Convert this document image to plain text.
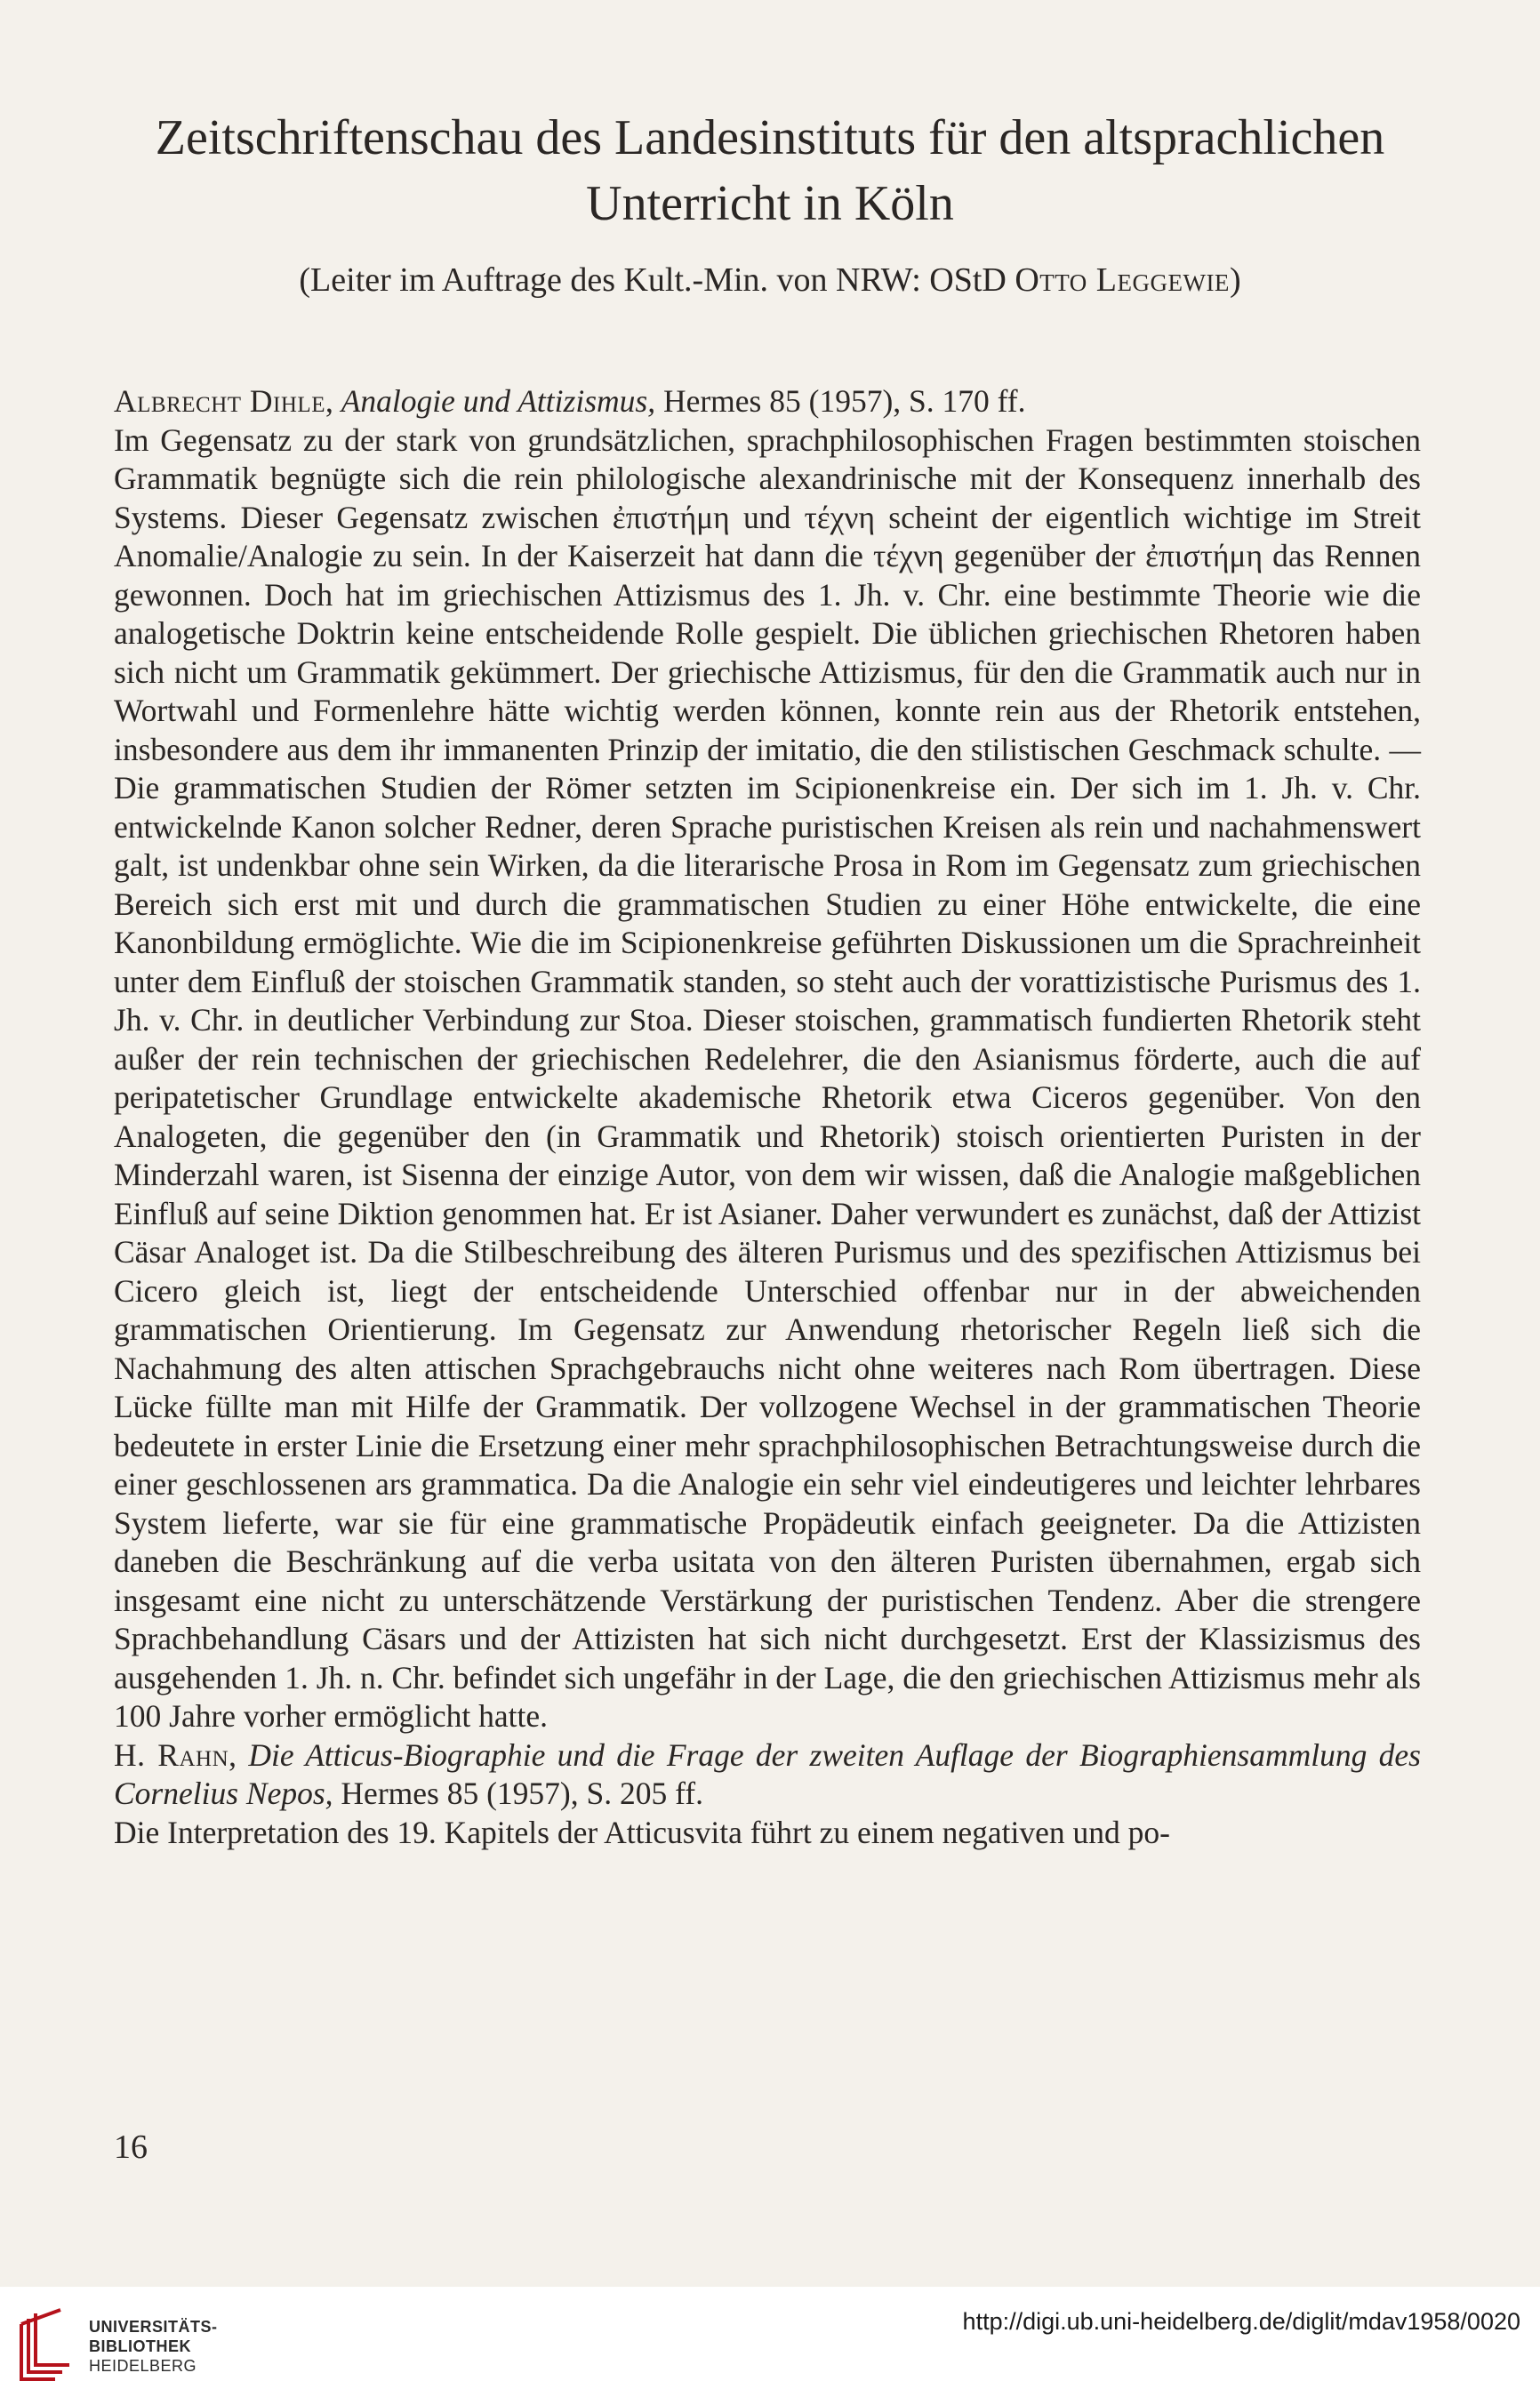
Zeitschriftenschau des Landesinstituts für den altsprachlichen
Unterricht in Köln
(Leiter im Auftrage des Kult.-Min. von NRW: OStD Otto Leggewie)

Albrecht Dihle, Analogie und Attizismus, Hermes 85 (1957), S. 170 ff.

Im Gegensatz zu der stark von grundsätzlichen, sprachphilosophischen Fragen bestimmten stoischen Grammatik begnügte sich die rein philologische alexandrinische mit der Konsequenz innerhalb des Systems. Dieser Gegensatz zwischen ἐπιστήμη und τέχνη scheint der eigentlich wichtige im Streit Anomalie/Analogie zu sein. In der Kaiserzeit hat dann die τέχνη gegenüber der ἐπιστήμη das Rennen gewonnen. Doch hat im griechischen Attizismus des 1. Jh. v. Chr. eine bestimmte Theorie wie die analogetische Doktrin keine entscheidende Rolle gespielt. Die üblichen griechischen Rhetoren haben sich nicht um Grammatik gekümmert. Der griechische Attizismus, für den die Grammatik auch nur in Wortwahl und Formenlehre hätte wichtig werden können, konnte rein aus der Rhetorik entstehen, insbesondere aus dem ihr immanenten Prinzip der imitatio, die den stilistischen Geschmack schulte. — Die grammatischen Studien der Römer setzten im Scipionenkreise ein. Der sich im 1. Jh. v. Chr. entwickelnde Kanon solcher Redner, deren Sprache puristischen Kreisen als rein und nachahmenswert galt, ist undenkbar ohne sein Wirken, da die literarische Prosa in Rom im Gegensatz zum griechischen Bereich sich erst mit und durch die grammatischen Studien zu einer Höhe entwickelte, die eine Kanonbildung ermöglichte. Wie die im Scipionenkreise geführten Diskussionen um die Sprachreinheit unter dem Einfluß der stoischen Grammatik standen, so steht auch der vorattizistische Purismus des 1. Jh. v. Chr. in deutlicher Verbindung zur Stoa. Dieser stoischen, grammatisch fundierten Rhetorik steht außer der rein technischen der griechischen Redelehrer, die den Asianismus förderte, auch die auf peripatetischer Grundlage entwickelte akademische Rhetorik etwa Ciceros gegenüber. Von den Analogeten, die gegenüber den (in Grammatik und Rhetorik) stoisch orientierten Puristen in der Minderzahl waren, ist Sisenna der einzige Autor, von dem wir wissen, daß die Analogie maßgeblichen Einfluß auf seine Diktion genommen hat. Er ist Asianer. Daher verwundert es zunächst, daß der Attizist Cäsar Analoget ist. Da die Stilbeschreibung des älteren Purismus und des spezifischen Attizismus bei Cicero gleich ist, liegt der entscheidende Unterschied offenbar nur in der abweichenden grammatischen Orientierung. Im Gegensatz zur Anwendung rhetorischer Regeln ließ sich die Nachahmung des alten attischen Sprachgebrauchs nicht ohne weiteres nach Rom übertragen. Diese Lücke füllte man mit Hilfe der Grammatik. Der vollzogene Wechsel in der grammatischen Theorie bedeutete in erster Linie die Ersetzung einer mehr sprachphilosophischen Betrachtungsweise durch die einer geschlossenen ars grammatica. Da die Analogie ein sehr viel eindeutigeres und leichter lehrbares System lieferte, war sie für eine grammatische Propädeutik einfach geeigneter. Da die Attizisten daneben die Beschränkung auf die verba usitata von den älteren Puristen übernahmen, ergab sich insgesamt eine nicht zu unterschätzende Verstärkung der puristischen Tendenz. Aber die strengere Sprachbehandlung Cäsars und der Attizisten hat sich nicht durchgesetzt. Erst der Klassizismus des ausgehenden 1. Jh. n. Chr. befindet sich ungefähr in der Lage, die den griechischen Attizismus mehr als 100 Jahre vorher ermöglicht hatte.

H. Rahn, Die Atticus-Biographie und die Frage der zweiten Auflage der Biographiensammlung des Cornelius Nepos, Hermes 85 (1957), S. 205 ff.

Die Interpretation des 19. Kapitels der Atticusvita führt zu einem negativen und po-

16
UNIVERSITÄTS-
BIBLIOTHEK
HEIDELBERG
http://digi.ub.uni-heidelberg.de/diglit/mdav1958/0020
